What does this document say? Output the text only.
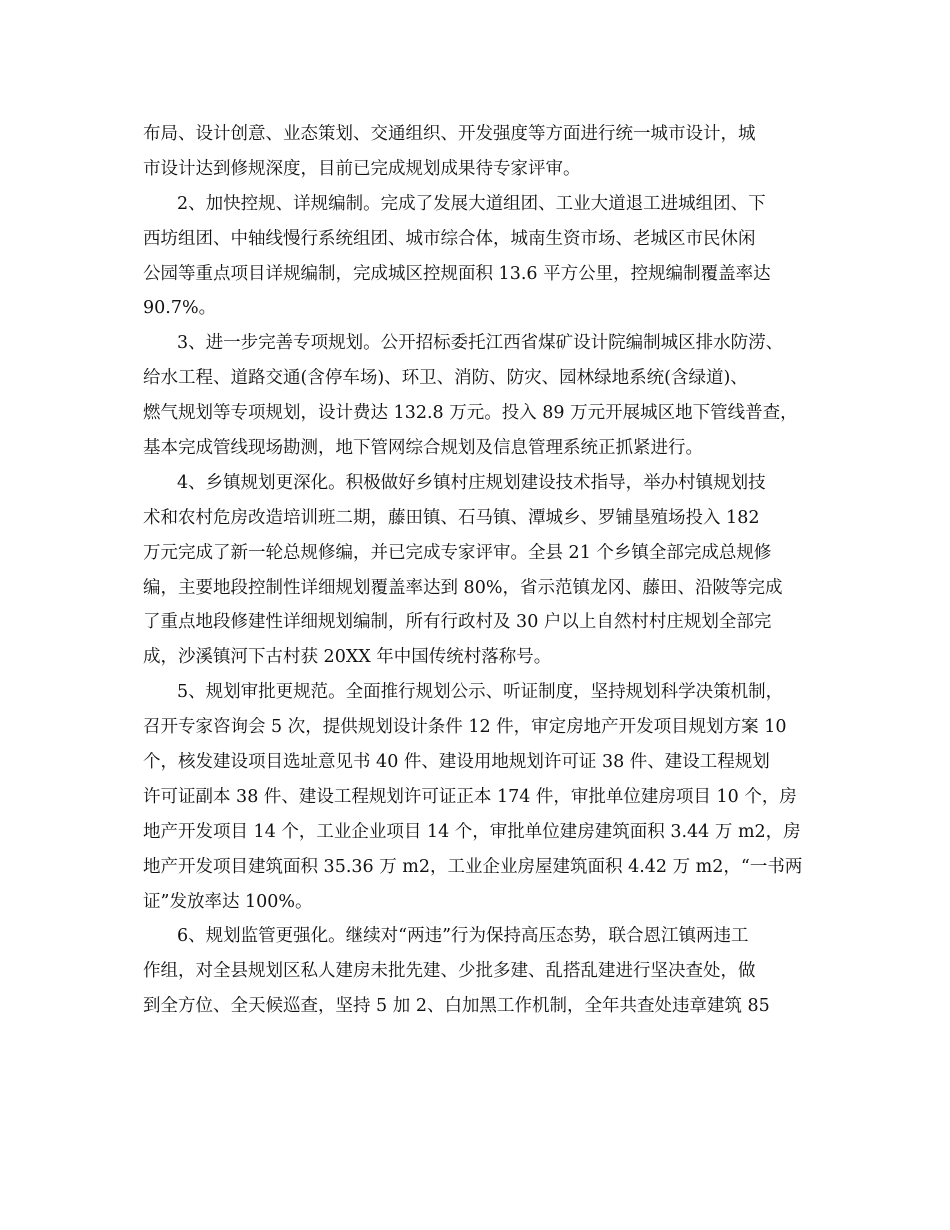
布局、设计创意、业态策划、交通组织、开发强度等方面进行统一城市设计，城
市设计达到修规深度，目前已完成规划成果待专家评审。
2、加快控规、详规编制。完成了发展大道组团、工业大道退工进城组团、下
西坊组团、中轴线慢行系统组团、城市综合体，城南生资市场、老城区市民休闲
公园等重点项目详规编制，完成城区控规面积 13.6 平方公里，控规编制覆盖率达
90.7%。
3、进一步完善专项规划。公开招标委托江西省煤矿设计院编制城区排水防涝、
给水工程、道路交通(含停车场)、环卫、消防、防灾、园林绿地系统(含绿道)、
燃气规划等专项规划，设计费达 132.8 万元。投入 89 万元开展城区地下管线普查，
基本完成管线现场勘测，地下管网综合规划及信息管理系统正抓紧进行。
4、乡镇规划更深化。积极做好乡镇村庄规划建设技术指导，举办村镇规划技
术和农村危房改造培训班二期，藤田镇、石马镇、潭城乡、罗铺垦殖场投入 182
万元完成了新一轮总规修编，并已完成专家评审。全县 21 个乡镇全部完成总规修
编，主要地段控制性详细规划覆盖率达到 80%，省示范镇龙冈、藤田、沿陂等完成
了重点地段修建性详细规划编制，所有行政村及 30 户以上自然村村庄规划全部完
成，沙溪镇河下古村获 20XX 年中国传统村落称号。
5、规划审批更规范。全面推行规划公示、听证制度，坚持规划科学决策机制，
召开专家咨询会 5 次，提供规划设计条件 12 件，审定房地产开发项目规划方案 10
个，核发建设项目选址意见书 40 件、建设用地规划许可证 38 件、建设工程规划
许可证副本 38 件、建设工程规划许可证正本 174 件，审批单位建房项目 10 个，房
地产开发项目 14 个，工业企业项目 14 个，审批单位建房建筑面积 3.44 万 m2，房
地产开发项目建筑面积 35.36 万 m2，工业企业房屋建筑面积 4.42 万 m2，“一书两
证”发放率达 100%。
6、规划监管更强化。继续对“两违”行为保持高压态势，联合恩江镇两违工
作组，对全县规划区私人建房未批先建、少批多建、乱搭乱建进行坚决查处，做
到全方位、全天候巡查，坚持 5 加 2、白加黑工作机制，全年共查处违章建筑 85
